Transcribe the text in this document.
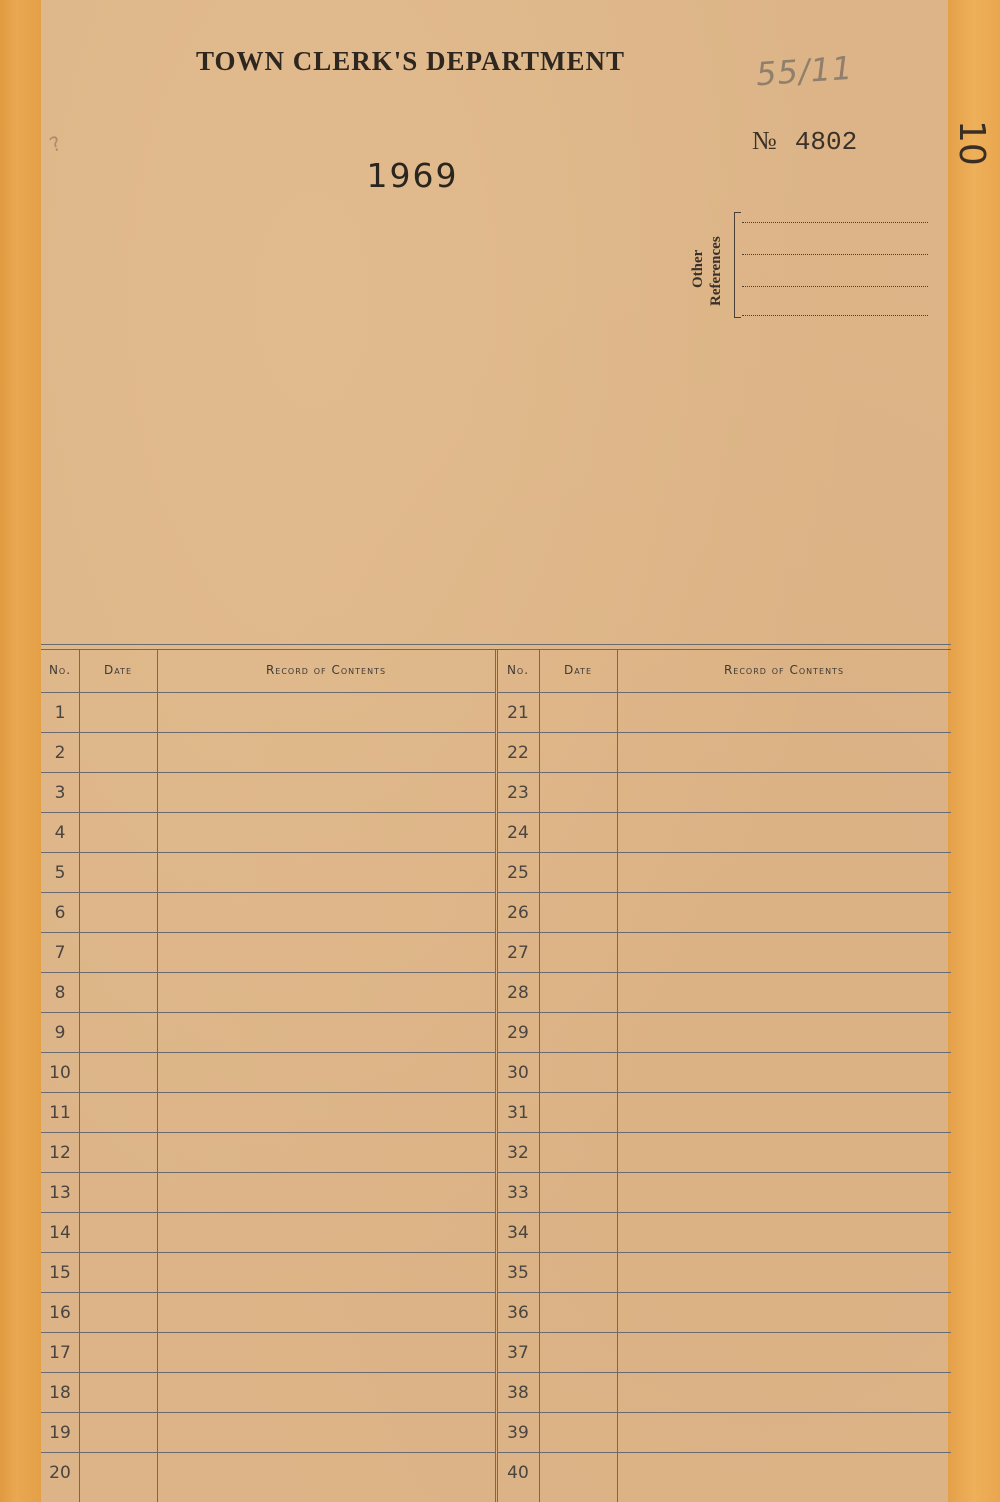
10
TOWN CLERK'S DEPARTMENT	55/11
?	№ 4802
1969
Other References
No.	Date	Record of Contents
1
2
3
4
5
6
7
8
9
10
11
12
13
14
15
16
17
18
19
20
No.	Date	Record of Contents
21
22
23
24
25
26
27
28
29
30
31
32
33
34
35
36
37
38
39
40
